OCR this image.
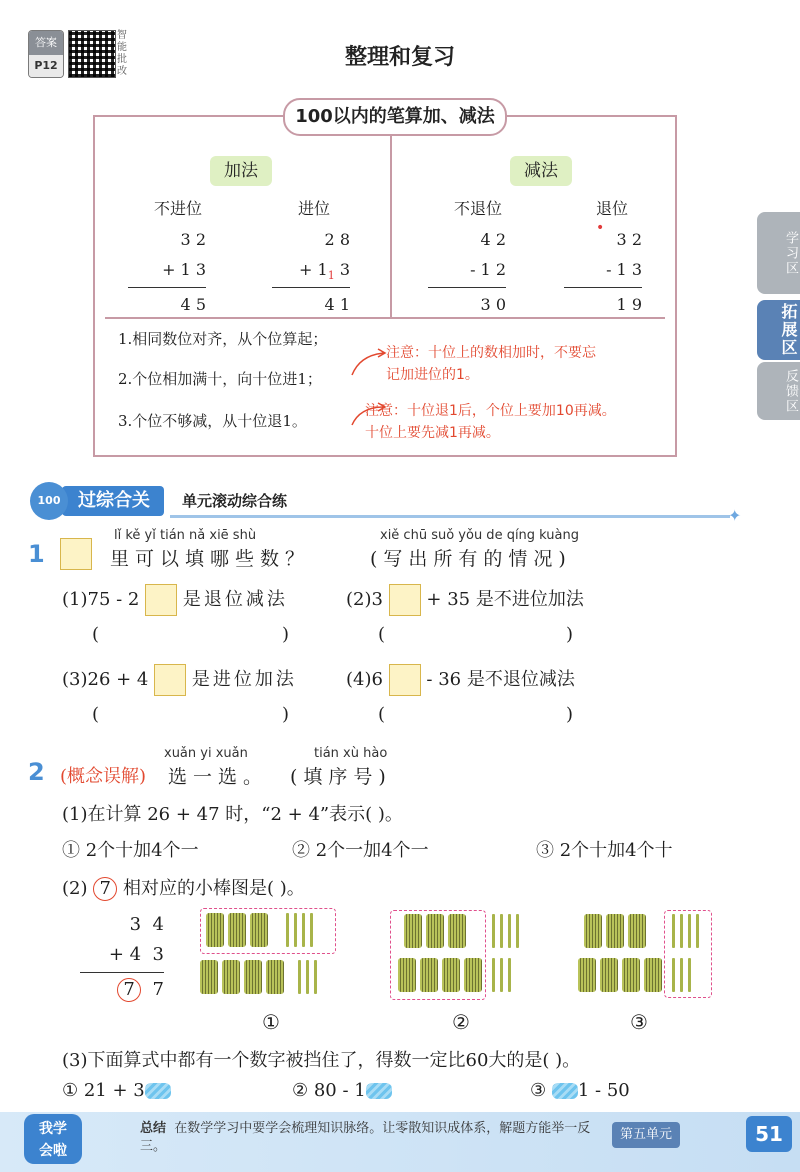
答案
P12
智能批改
整理和复习
100以内的笔算加、减法
加法	减法
不进位	进位	不退位	退位
3 2
+ 1 3
4 5
2 8
+ $1_1$ 3
4 1
4 2
- 1 2
3 0
•
3 2
- 1 3
1 9
1.相同数位对齐，从个位算起；
2.个位相加满十，向十位进1；
3.个位不够减，从十位退1。
注意：十位上的数相加时，不要忘
记加进位的1。
注意：十位退1后，个位上要加10再减。
十位上要先减1再减。
学习区
拓展区
反馈区
过综合关
100	单元滚动综合练
✦
1
lǐ kě yǐ tián nǎ xiē shù	xiě chū suǒ yǒu de qíng kuàng
里可以填哪些数？	(写出所有的情况)
(1)75 - 2 是退位减法	(2)3 + 35 是不进位加法
(	)	(	)
(3)26 + 4 是进位加法	(4)6 - 36 是不退位减法
(	)	(	)
2 (概念误解)
xuǎn yi xuǎn	tián xù hào
选一选。 (填序号)
(1)在计算 26 + 47 时，“2 + 4”表示( )。
① 2个十加4个一	② 2个一加4个一	③ 2个十加4个十
(2) 7 相对应的小棒图是( )。
3  4
+ 4  3
7 7
①	②	③
(3)下面算式中都有一个数字被挡住了，得数一定比60大的是( )。
① 21 + 3	② 80 - 1	③ 1 - 50
我学
会啦
总结 在数学学习中要学会梳理知识脉络。让零散知识成体系，解题方能举一反三。
第五单元	51
